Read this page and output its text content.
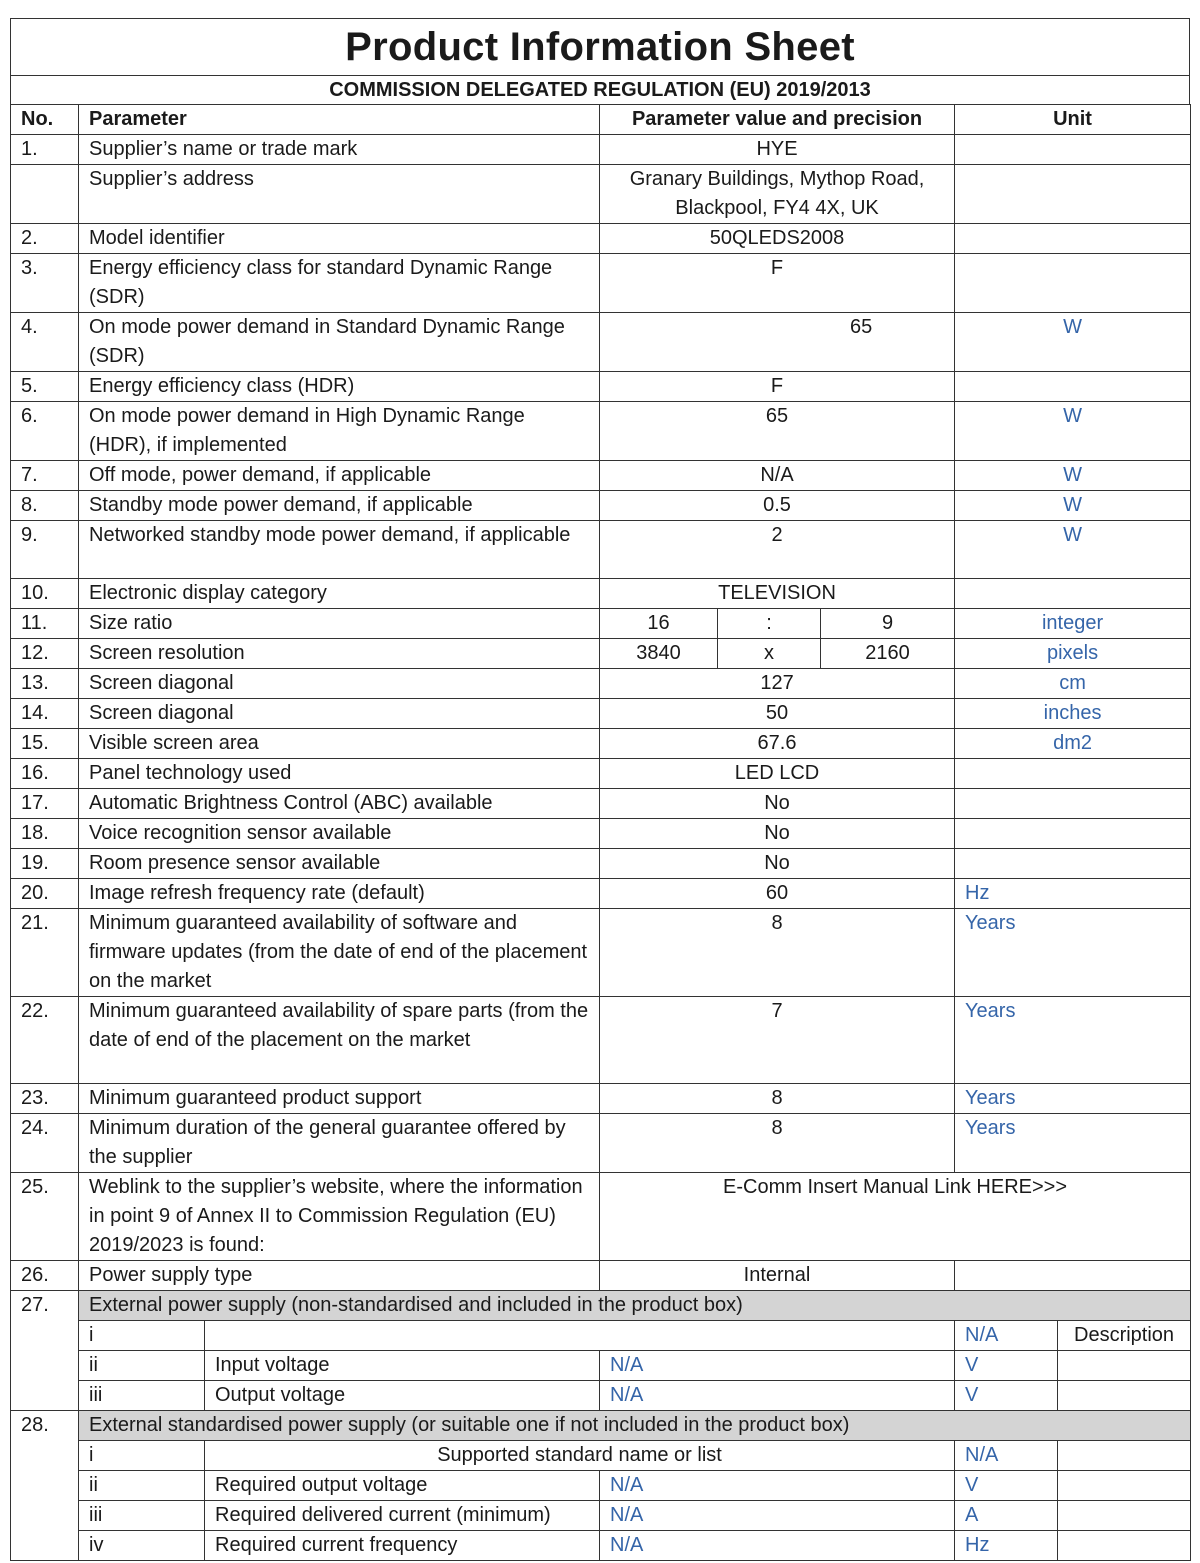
Product Information Sheet
COMMISSION DELEGATED REGULATION (EU) 2019/2013
No.	Parameter		Parameter value and precision			Unit	
1.	Supplier’s name or trade mark		HYE				
	Supplier’s address		Granary Buildings, Mythop Road,
Blackpool, FY4 4X, UK				

2.	Model identifier		50QLEDS2008				
3.	Energy efficiency class for standard Dynamic Range (SDR)		F				
4.	On mode power demand in Standard Dynamic Range (SDR)		65			W	
5.	Energy efficiency class (HDR)		F				
6.	On mode power demand in High Dynamic Range (HDR), if implemented		65			W	
7.	Off mode, power demand, if applicable		N/A			W	
8.	Standby mode power demand, if applicable		0.5			W	
9.	Networked standby mode power demand, if applicable		2			W	
10.	Electronic display category		TELEVISION				
11.	Size ratio		16	:	9	integer	
12.	Screen resolution		3840	x	2160	pixels	
13.	Screen diagonal		127			cm	
14.	Screen diagonal		50			inches	
15.	Visible screen area		67.6			dm2	
16.	Panel technology used		LED LCD				
17.	Automatic Brightness Control (ABC) available		No				
18.	Voice recognition sensor available		No				
19.	Room presence sensor available		No				
20.	Image refresh frequency rate (default)		60			Hz	
21.	Minimum guaranteed availability of software and firmware updates (from the date of end of the placement on the market		8			Years	
22.	Minimum guaranteed availability of spare parts (from the date of end of the placement on the market		7			Years	
23.	Minimum guaranteed product support		8			Years	
24.	Minimum duration of the general guarantee offered by the supplier		8			Years	
25.	Weblink to the supplier’s website, where the information in point 9 of Annex II to Commission Regulation (EU) 2019/2023 is found:		E-Comm Insert Manual Link HERE>>>				
26.	Power supply type		Internal				
27.	External power supply (non-standardised and included in the product box)						
	i					N/A	Description
	ii	Input voltage	N/A			V	
	iii	Output voltage	N/A			V	
28.	External standardised power supply (or suitable one if not included in the product box)						
	i	Supported standard name or list				N/A	
	ii	Required output voltage	N/A			V	
	iii	Required delivered current (minimum)	N/A			A	
	iv	Required current frequency	N/A			Hz	
